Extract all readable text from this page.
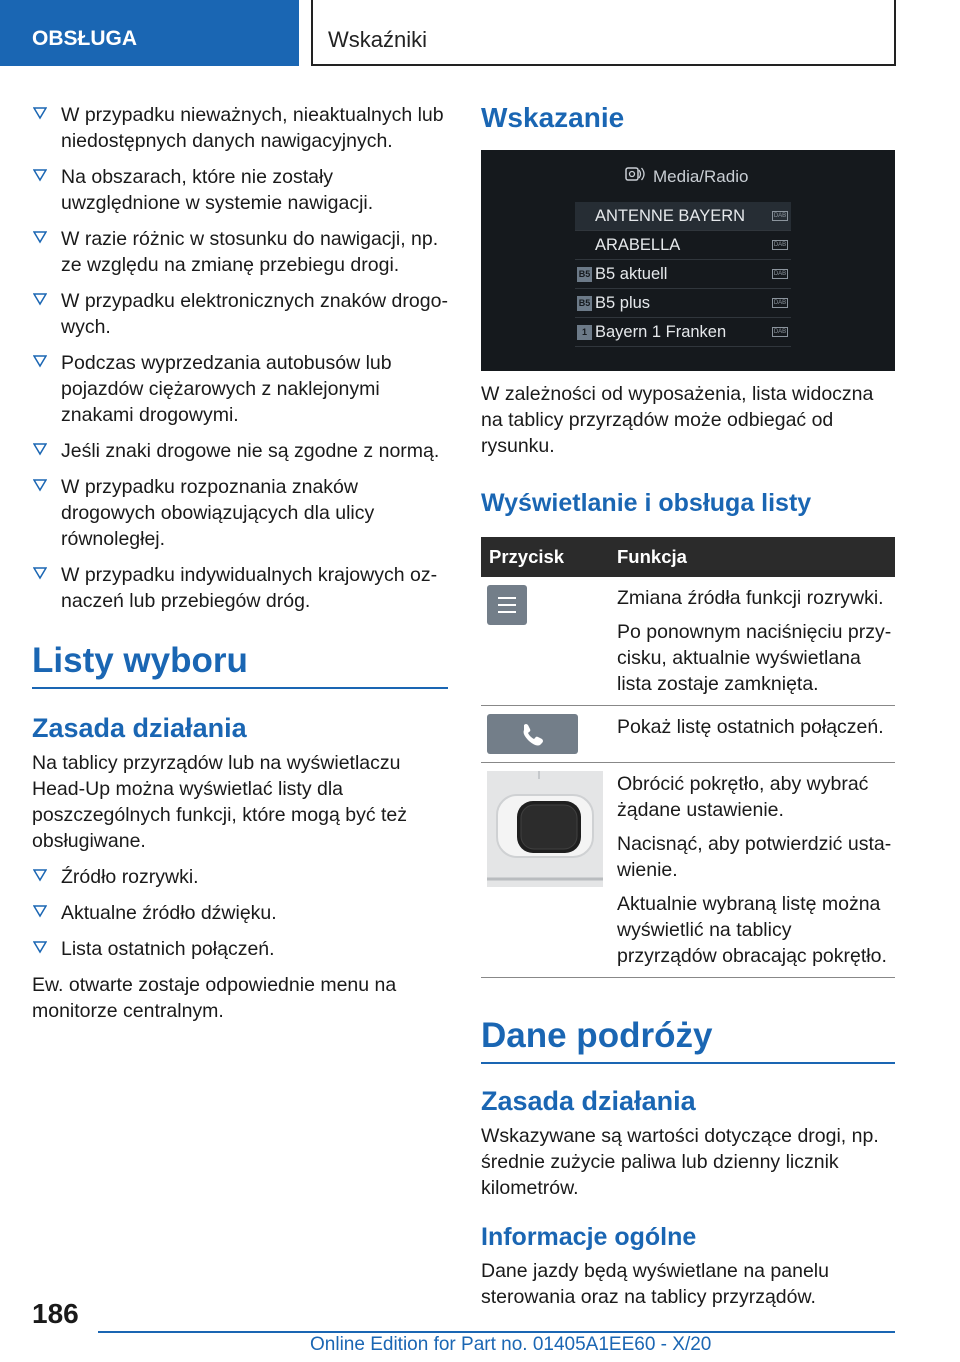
OBSŁUGA	Wskaźniki
W przypadku nieważnych, nieaktualnych lub niedostępnych danych nawigacyjnych.
Na obszarach, które nie zostały uwzględnione w systemie nawigacji.
W razie różnic w stosunku do nawigacji, np. ze względu na zmianę przebiegu drogi.
W przypadku elektronicznych znaków drogowych.
Podczas wyprzedzania autobusów lub pojazdów ciężarowych z naklejonymi znakami drogowymi.
Jeśli znaki drogowe nie są zgodne z normą.
W przypadku rozpoznania znaków drogowych obowiązujących dla ulicy równoległej.
W przypadku indywidualnych krajowych oznaczeń lub przebiegów dróg.
Listy wyboru
Zasada działania
Na tablicy przyrządów lub na wyświetlaczu Head-Up można wyświetlać listy dla poszczególnych funkcji, które mogą być też obsługiwane.
Źródło rozrywki.
Aktualne źródło dźwięku.
Lista ostatnich połączeń.
Ew. otwarte zostaje odpowiednie menu na monitorze centralnym.
Wskazanie
Media/Radio
ANTENNE BAYERN	DAB
ARABELLA	DAB
B5 B5 aktuell	DAB
B5 B5 plus	DAB
1 Bayern 1 Franken	DAB
W zależności od wyposażenia, lista widoczna na tablicy przyrządów może odbiegać od rysunku.
Wyświetlanie i obsługa listy
Przycisk	Funkcja

Zmiana źródła funkcji rozrywki.
Po ponownym naciśnięciu przycisku, aktualnie wyświetlana lista zostaje zamknięta.

Pokaż listę ostatnich połączeń.

Obrócić pokrętło, aby wybrać żądane ustawienie.
Nacisnąć, aby potwierdzić ustawienie.
Aktualnie wybraną listę można wyświetlić na tablicy przyrządów obracając pokrętło.
Dane podróży
Zasada działania
Wskazywane są wartości dotyczące drogi, np. średnie zużycie paliwa lub dzienny licznik kilometrów.
Informacje ogólne
Dane jazdy będą wyświetlane na panelu sterowania oraz na tablicy przyrządów.
186
Online Edition for Part no. 01405A1EE60 - X/20
